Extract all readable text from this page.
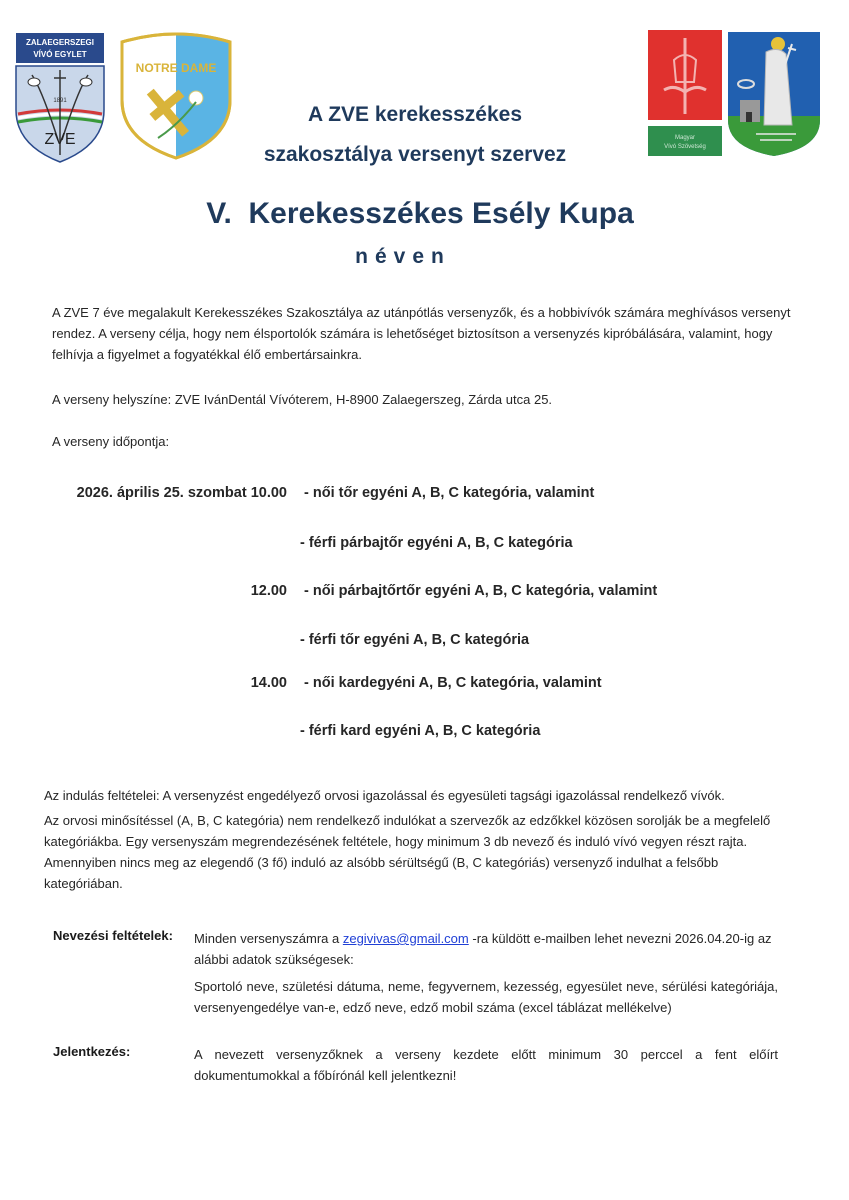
ZALAEGERSZEGI
VÍVÓ EGYLET
1891
ZVE
NOTRE DAME
Magyar
Vívó Szövetség
A ZVE kerekesszékes
szakosztálya versenyt szervez
V.  Kerekesszékes Esély Kupa
néven
A ZVE 7 éve megalakult Kerekesszékes Szakosztálya az utánpótlás versenyzők, és a hobbivívók számára meghívásos versenyt rendez. A verseny célja, hogy nem élsportolók számára is lehetőséget biztosítson a versenyzés kipróbálására, valamint, hogy felhívja a figyelmet a fogyatékkal élő embertársainkra.
A verseny helyszíne: ZVE IvánDentál Vívóterem, H-8900 Zalaegerszeg, Zárda utca 25.
A verseny időpontja:
2026. április 25. szombat 10.00 - női tőr egyéni A, B, C kategória, valamint
- férfi párbajtőr egyéni A, B, C kategória
12.00 - női párbajtőrtőr egyéni A, B, C kategória, valamint
- férfi tőr egyéni A, B, C kategória
14.00 - női kardegyéni A, B, C kategória, valamint
- férfi kard egyéni A, B, C kategória
Az indulás feltételei: A versenyzést engedélyező orvosi igazolással és egyesületi tagsági igazolással rendelkező vívók.
Az orvosi minősítéssel (A, B, C kategória) nem rendelkező indulókat a szervezők az edzőkkel közösen sorolják be a megfelelő kategóriákba. Egy versenyszám megrendezésének feltétele, hogy minimum 3 db nevező és induló vívó vegyen részt rajta. Amennyiben nincs meg az elegendő (3 fő) induló az alsóbb sérültségű (B, C kategóriás) versenyző indulhat a felsőbb kategóriában.
Nevezési feltételek: Minden versenyszámra a zegivivas@gmail.com -ra küldött e-mailben lehet nevezni 2026.04.20-ig az alábbi adatok szükségesek:
Sportoló neve, születési dátuma, neme, fegyvernem, kezesség, egyesület neve, sérülési kategóriája, versenyengedélye van-e, edző neve, edző mobil száma (excel táblázat mellékelve)
Jelentkezés:	A nevezett versenyzőknek a verseny kezdete előtt minimum 30 perccel a fent előírt dokumentumokkal a főbírónál kell jelentkezni!
